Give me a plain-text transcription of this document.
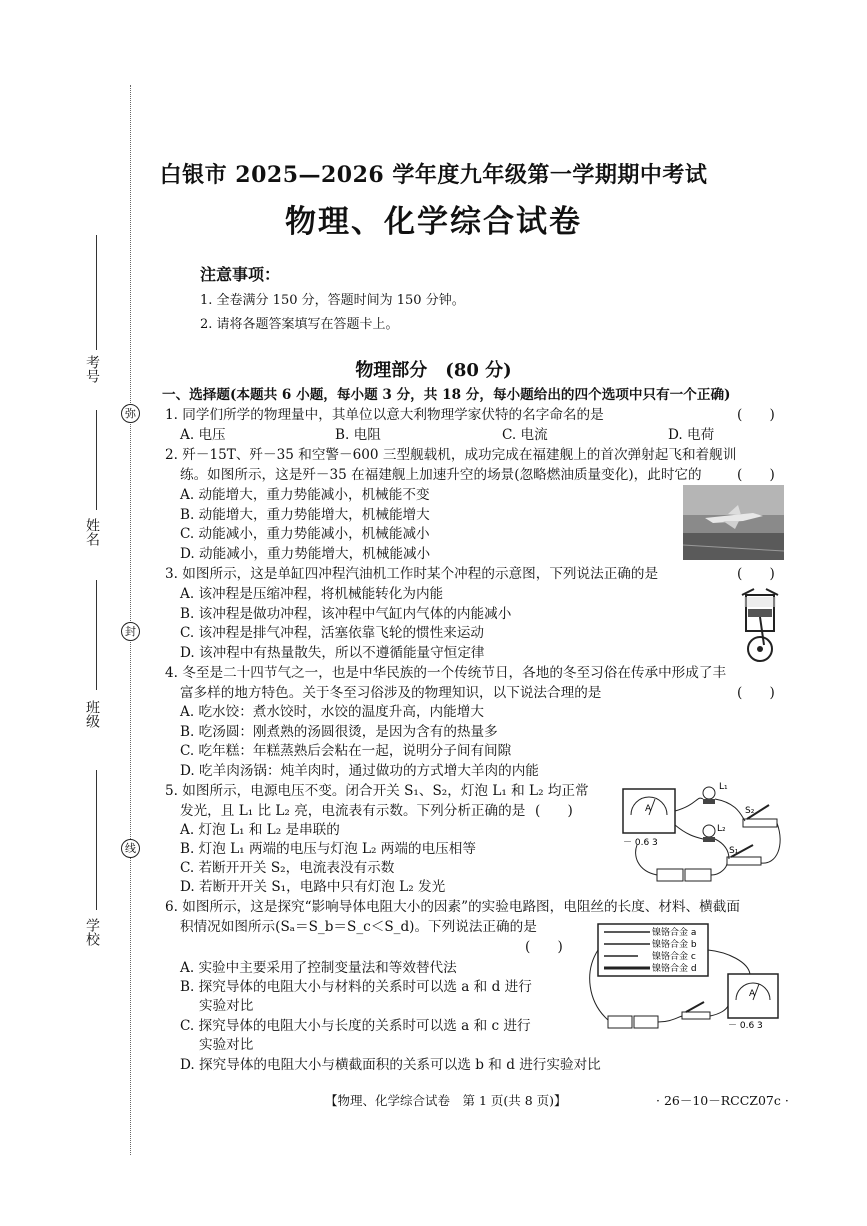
考号
姓名
班级
学校
弥
封
线
白银市 2025—2026 学年度九年级第一学期期中考试
物理、化学综合试卷
注意事项：
1. 全卷满分 150 分，答题时间为 150 分钟。
2. 请将各题答案填写在答题卡上。
物理部分　(80 分)
一、选择题(本题共 6 小题，每小题 3 分，共 18 分，每小题给出的四个选项中只有一个正确)
1. 同学们所学的物理量中，其单位以意大利物理学家伏特的名字命名的是	(　　)
A. 电压	B. 电阻	C. 电流	D. 电荷
2. 歼－15T、歼－35 和空警－600 三型舰载机，成功完成在福建舰上的首次弹射起飞和着舰训
练。如图所示，这是歼－35 在福建舰上加速升空的场景(忽略燃油质量变化)，此时它的	(　　)
A. 动能增大，重力势能减小，机械能不变
B. 动能增大，重力势能增大，机械能增大
C. 动能减小，重力势能减小，机械能减小
D. 动能减小，重力势能增大，机械能减小
3. 如图所示，这是单缸四冲程汽油机工作时某个冲程的示意图，下列说法正确的是	(　　)
A. 该冲程是压缩冲程，将机械能转化为内能
B. 该冲程是做功冲程，该冲程中气缸内气体的内能减小
C. 该冲程是排气冲程，活塞依靠飞轮的惯性来运动
D. 该冲程中有热量散失，所以不遵循能量守恒定律
4. 冬至是二十四节气之一，也是中华民族的一个传统节日，各地的冬至习俗在传承中形成了丰
富多样的地方特色。关于冬至习俗涉及的物理知识，以下说法合理的是	(　　)
A. 吃水饺：煮水饺时，水饺的温度升高，内能增大
B. 吃汤圆：刚煮熟的汤圆很烫，是因为含有的热量多
C. 吃年糕：年糕蒸熟后会粘在一起，说明分子间有间隙
D. 吃羊肉汤锅：炖羊肉时，通过做功的方式增大羊肉的内能
5. 如图所示，电源电压不变。闭合开关 S₁、S₂，灯泡 L₁ 和 L₂ 均正常
发光，且 L₁ 比 L₂ 亮，电流表有示数。下列分析正确的是 (　　)
A. 灯泡 L₁ 和 L₂ 是串联的
B. 灯泡 L₁ 两端的电压与灯泡 L₂ 两端的电压相等
C. 若断开开关 S₂，电流表没有示数
D. 若断开开关 S₁，电路中只有灯泡 L₂ 发光
A
－ 0.6 3
L₁
S₂
L₂
S₁
6. 如图所示，这是探究“影响导体电阻大小的因素”的实验电路图，电阻丝的长度、材料、横截面
积情况如图所示(Sₐ＝S_b＝S_c＜S_d)。下列说法正确的是
(　　)
A. 实验中主要采用了控制变量法和等效替代法
B. 探究导体的电阻大小与材料的关系时可以选 a 和 d 进行
实验对比
C. 探究导体的电阻大小与长度的关系时可以选 a 和 c 进行
实验对比
D. 探究导体的电阻大小与横截面积的关系可以选 b 和 d 进行实验对比
镍铬合金 a
镍铬合金 b
镍铬合金 c
镍铬合金 d
A
－ 0.6 3
【物理、化学综合试卷　第 1 页(共 8 页)】	· 26－10－RCCZ07c ·
